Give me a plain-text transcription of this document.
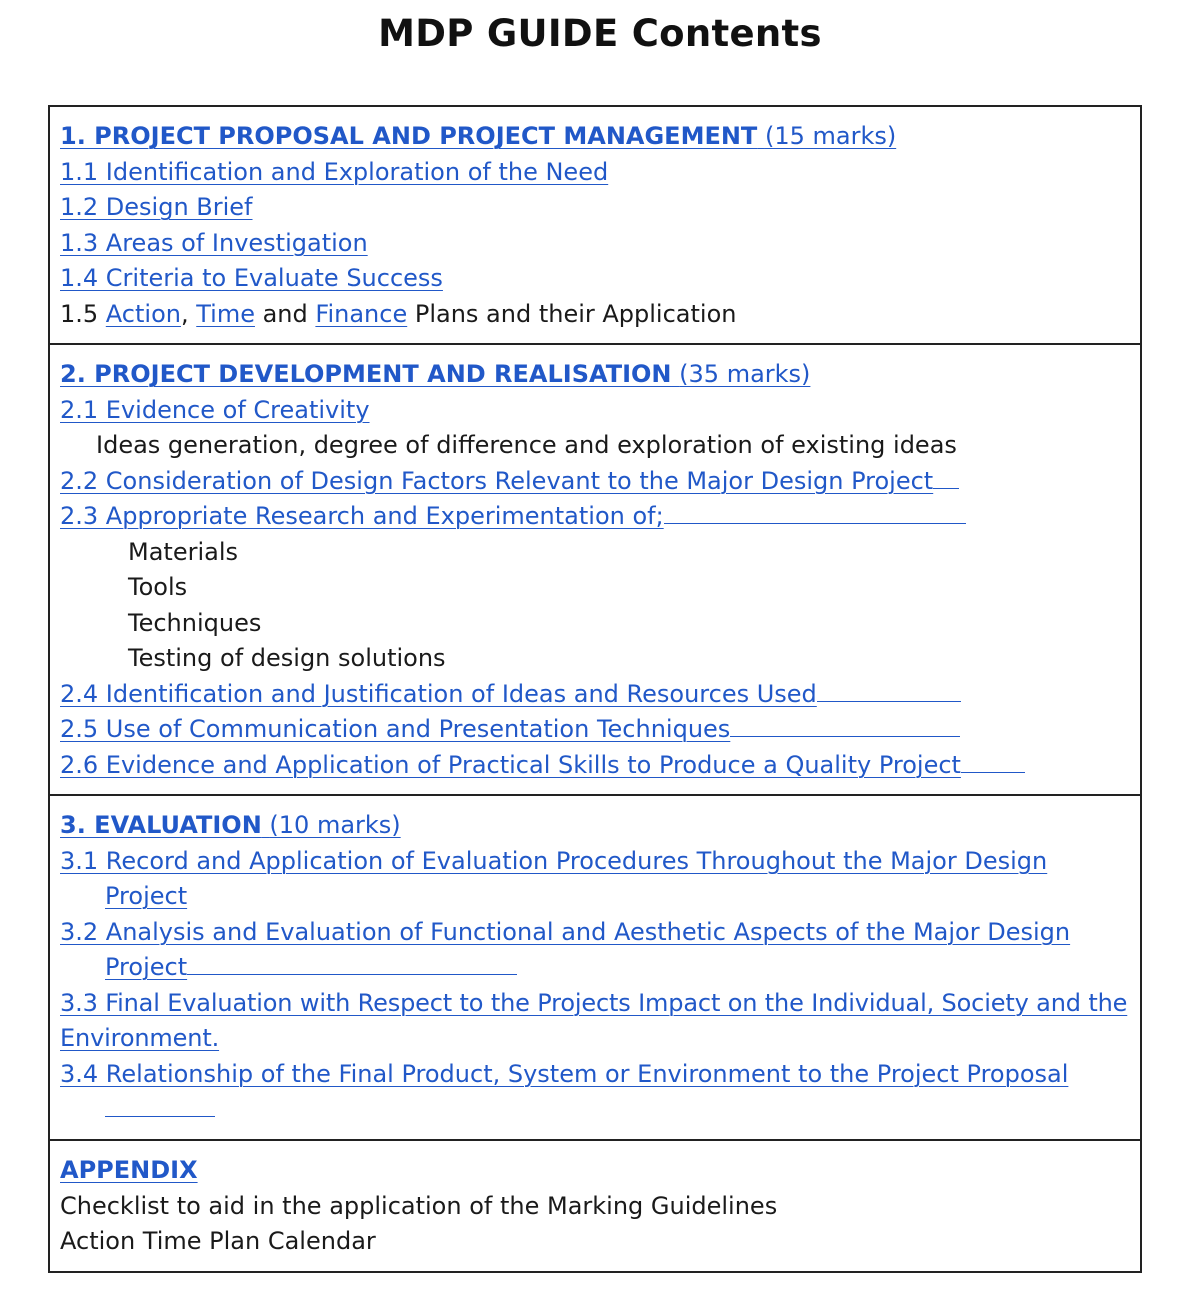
MDP GUIDE Contents
1. PROJECT PROPOSAL AND PROJECT MANAGEMENT (15 marks)
1.1 Identification and Exploration of the Need
1.2 Design Brief
1.3 Areas of Investigation
1.4 Criteria to Evaluate Success
1.5 Action, Time and Finance Plans and their Application
2. PROJECT DEVELOPMENT AND REALISATION (35 marks)
2.1 Evidence of Creativity
Ideas generation, degree of difference and exploration of existing ideas
2.2 Consideration of Design Factors Relevant to the Major Design Project
2.3 Appropriate Research and Experimentation of;
Materials
Tools
Techniques
Testing of design solutions
2.4 Identification and Justification of Ideas and Resources Used
2.5 Use of Communication and Presentation Techniques
2.6 Evidence and Application of Practical Skills to Produce a Quality Project
3. EVALUATION (10 marks)
3.1 Record and Application of Evaluation Procedures Throughout the Major Design Project
3.2 Analysis and Evaluation of Functional and Aesthetic Aspects of the Major Design Project
3.3 Final Evaluation with Respect to the Projects Impact on the Individual, Society and the Environment.
3.4 Relationship of the Final Product, System or Environment to the Project Proposal

APPENDIX
Checklist to aid in the application of the Marking Guidelines
Action Time Plan Calendar
